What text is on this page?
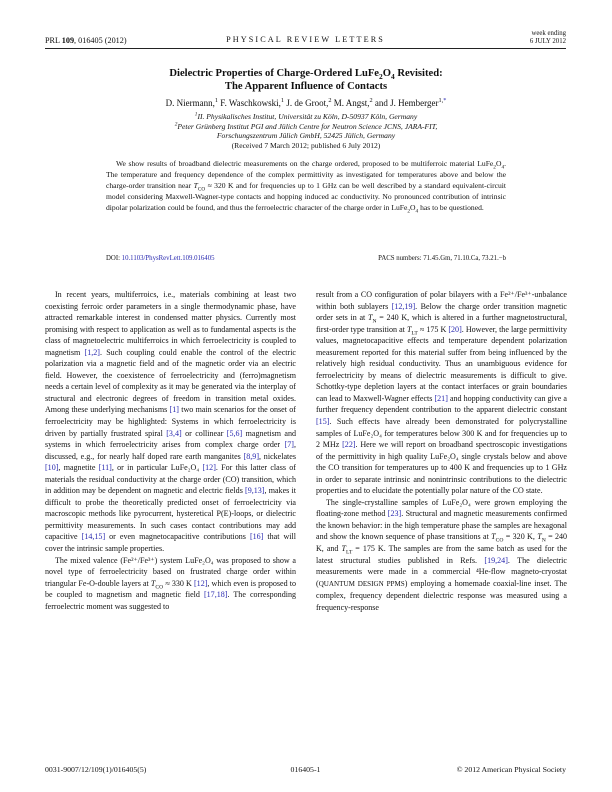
PRL 109, 016405 (2012)	PHYSICAL REVIEW LETTERS
week ending
6 JULY 2012
Dielectric Properties of Charge-Ordered $LuFe_2O_4$ Revisited:
The Apparent Influence of Contacts
D. Niermann,$^1$ F. Waschkowski,$^1$ J. de Groot,$^2$ M. Angst,$^2$ and J. Hemberger$^{1,*}$
$^1$II. Physikalisches Institut, Universität zu Köln, D-50937 Köln, Germany
$^2$Peter Grünberg Institut PGI and Jülich Centre for Neutron Science JCNS, JARA-FIT,
Forschungszentrum Jülich GmbH, 52425 Jülich, Germany
(Received 7 March 2012; published 6 July 2012)
We show results of broadband dielectric measurements on the charge ordered, proposed to be multiferroic material $LuFe_2O_4$. The temperature and frequency dependence of the complex permittivity as investigated for temperatures above and below the charge-order transition near $T_{CO} \approx 320$ K and for frequencies up to 1 GHz can be well described by a standard equivalent-circuit model considering Maxwell-Wagner-type contacts and hopping induced ac conductivity. No pronounced contribution of intrinsic dipolar polarization could be found, and thus the ferroelectric character of the charge order in $LuFe_2O_4$ has to be questioned.
DOI: 10.1103/PhysRevLett.109.016405	PACS numbers: 71.45.Gm, 71.10.Ca, 73.21.−b

In recent years, multiferroics, i.e., materials combining at least two coexisting ferroic order parameters in a single thermodynamic phase, have attracted remarkable interest in condensed matter physics. Currently most promising with respect to application as well as to fundamental aspects is the class of magnetoelectric multiferroics in which ferroelectricity is coupled to magnetism [1,2]. Such coupling could enable the control of the electric polarization via a magnetic field and of the magnetic order via an electric field. However, the coexistence of ferroelectricity and (ferro)magnetism needs a certain level of complexity as it may be generated via the interplay of structural and electronic degrees of freedom in transition metal oxides. Among these underlying mechanisms [1] two main scenarios for the onset of ferroelectricity may be highlighted: Systems in which ferroelectricity is driven by partially frustrated spiral [3,4] or collinear [5,6] magnetism and systems in which ferroelectricity arises from complex charge order [7], discussed, e.g., for nearly half doped rare earth manganites [8,9], nickelates [10], magnetite [11], or in particular LuFe₂O₄ [12]. For this latter class of materials the residual conductivity at the charge order (CO) transition, which in addition may be dependent on magnetic and electric fields [9,13], makes it difficult to probe the theoretically predicted onset of ferroelectricity via macroscopic methods like pyrocurrent, hysteretical P(E)-loops, or dielectric permittivity measurements. In such cases contact contributions may add capacitive [14,15] or even magnetocapacitive contributions [16] that will cover the intrinsic sample properties.

The mixed valence (Fe²⁺/Fe³⁺) system LuFe₂O₄ was proposed to show a novel type of ferroelectricity based on frustrated charge order within triangular Fe-O-double layers at $T_{CO} \approx 330$ K [12], which even is proposed to be coupled to magnetism and magnetic field [17,18]. The corresponding ferroelectric moment was suggested to

result from a CO configuration of polar bilayers with a Fe²⁺/Fe³⁺-unbalance within both sublayers [12,19]. Below the charge order transition magnetic order sets in at $T_N = 240$ K, which is altered in a further magnetostructural, first-order type transition at $T_{LT} \approx 175$ K [20]. However, the large permittivity values, magnetocapacitive effects and temperature dependent polarization measurement reported for this material suffer from being influenced by the relatively high residual conductivity. Thus an unambiguous evidence for ferroelectricity by means of dielectric measurements is difficult to give. Schottky-type depletion layers at the contact interfaces or grain boundaries can lead to Maxwell-Wagner effects [21] and hopping conductivity can give a further frequency dependent contribution to the apparent dielectric constant [15]. Such effects have already been demonstrated for polycrystalline samples of LuFe₂O₄ for temperatures below 300 K and for frequencies up to 2 MHz [22]. Here we will report on broadband spectroscopic investigations of the permittivity in high quality LuFe₂O₄ single crystals below and above the CO transition for temperatures up to 400 K and frequencies up to 1 GHz in order to separate intrinsic and nonintrinsic contributions to the dielectric properties and to elucidate the potentially polar nature of the CO state.

The single-crystalline samples of LuFe₂O₄ were grown employing the floating-zone method [23]. Structural and magnetic measurements confirmed the known behavior: in the high temperature phase the samples are hexagonal and show the known sequence of phase transitions at $T_{CO} = 320$ K, $T_N = 240$ K, and $T_{LT} = 175$ K. The samples are from the same batch as used for the latest structural studies published in Refs. [19,24]. The dielectric measurements were made in a commercial ⁴He-flow magneto-cryostat (QUANTUM DESIGN PPMS) employing a homemade coaxial-line inset. The complex, frequency dependent dielectric response was measured using a frequency-response

0031-9007/12/109(1)/016405(5)	016405-1	© 2012 American Physical Society
